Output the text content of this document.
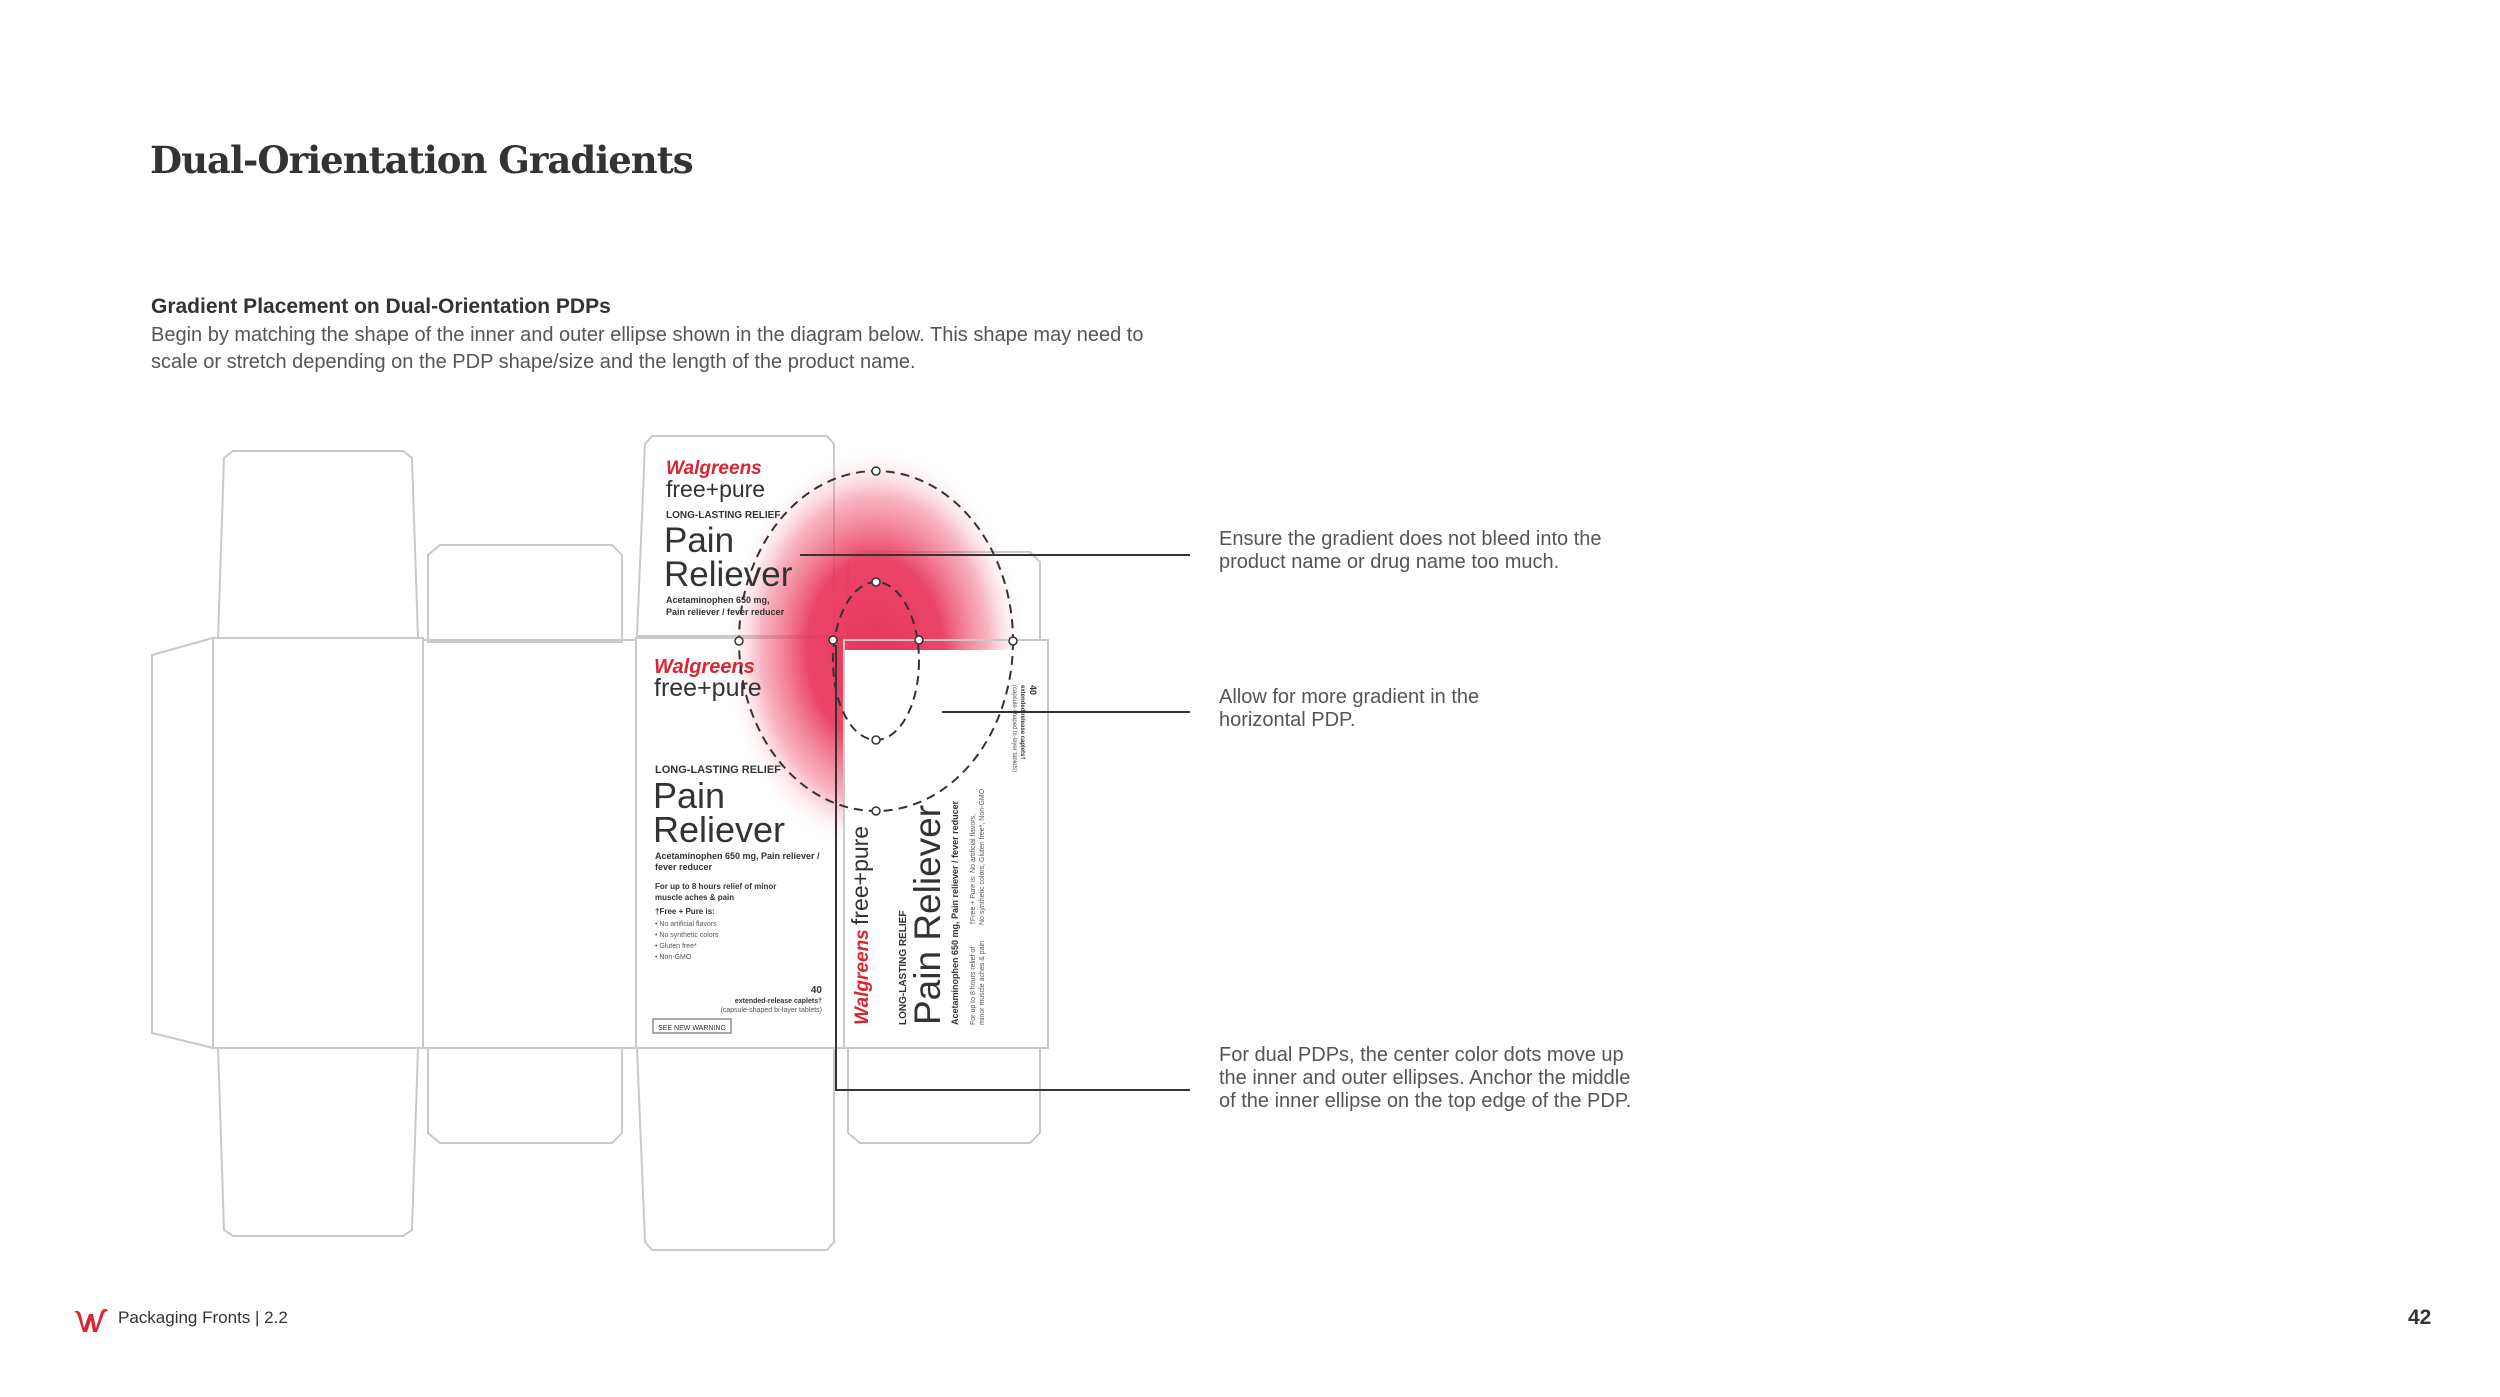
Dual-Orientation Gradients
Gradient Placement on Dual-Orientation PDPs

Begin by matching the shape of the inner and outer ellipse shown in the diagram below. This shape may need to scale or stretch depending on the PDP shape/size and the length of the product name.

Ensure the gradient does not bleed into the product name or drug name too much.

Allow for more gradient in the horizontal PDP.

For dual PDPs, the center color dots move up the inner and outer ellipses. Anchor the middle of the inner ellipse on the top edge of the PDP.

Walgreens
free+pure
LONG-LASTING RELIEF
Pain
Reliever
Acetaminophen 650 mg,
Pain reliever / fever reducer
Walgreens
free+pure
LONG-LASTING RELIEF
Pain
Reliever
Acetaminophen 650 mg, Pain reliever /
fever reducer
For up to 8 hours relief of minor
muscle aches & pain
†Free + Pure is:
• No artificial flavors
• No synthetic colors
• Gluten free*
• Non-GMO
40
extended-release caplets†
(capsule-shaped bi-layer tablets)
SEE NEW WARNING
Walgreens
free+pure
LONG-LASTING RELIEF
Pain Reliever Acetaminophen 650 mg, Pain reliever / fever reducer For up to 8 hours relief of minor muscle aches & pain
†Free + Pure is: No artificial flavors, No synthetic colors, Gluten free*, Non-GMO
40
extended-release caplets†
(capsule-shaped bi-layer tablets)
Packaging Fronts | 2.2	42
